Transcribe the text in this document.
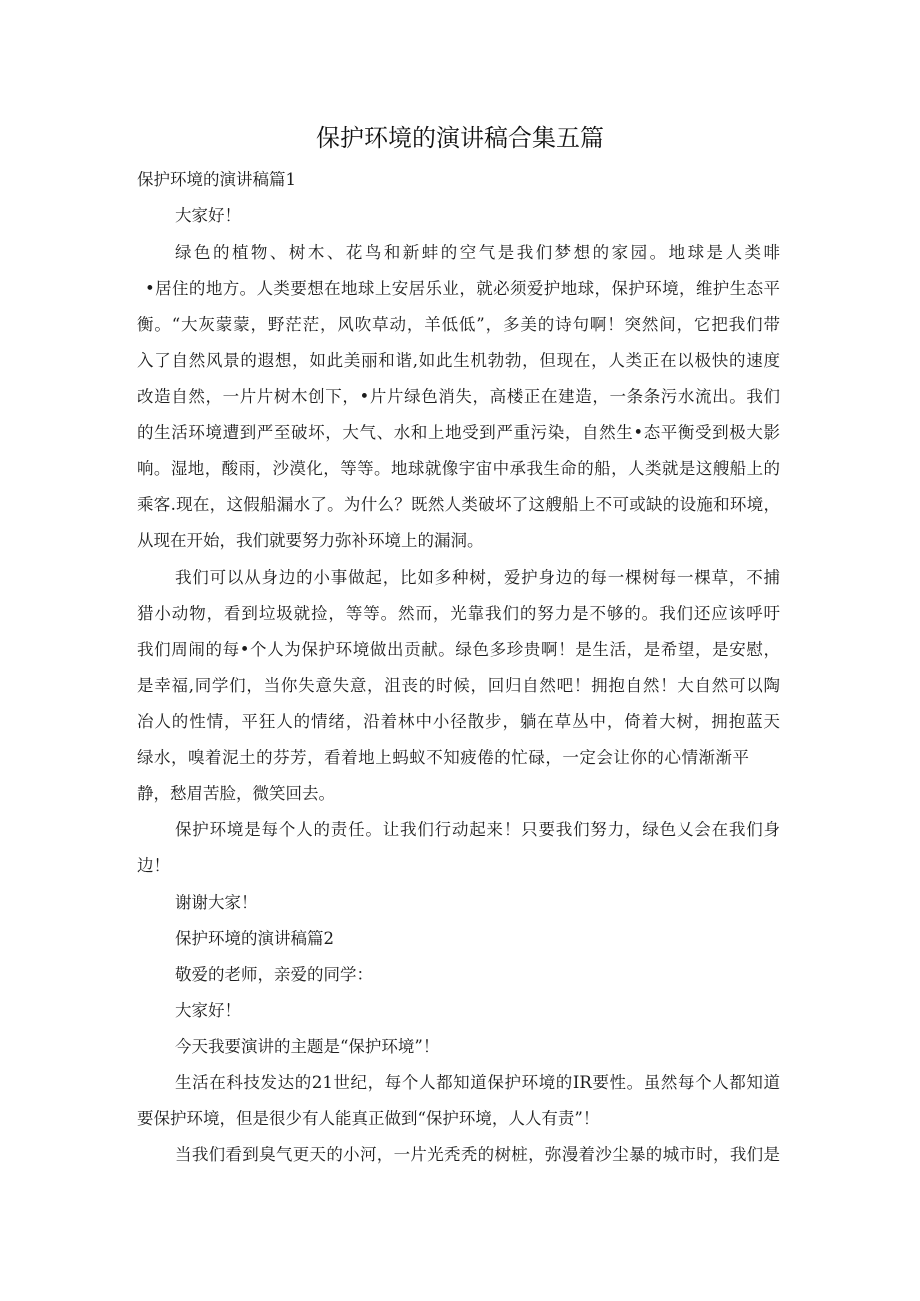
保护环境的演讲稿合集五篇
保护环境的演讲稿篇1
大家好！
绿色的植物、树木、花鸟和新蚌的空气是我们梦想的家园。地球是人类啡
•居住的地方。人类要想在地球上安居乐业，就必须爱护地球，保护环境，维护生态平
衡。“大灰蒙蒙，野茫茫，风吹草动，羊低低”，多美的诗句啊！突然间，它把我们带
入了自然风景的遐想，如此美丽和谐,如此生机勃勃，但现在，人类正在以极快的速度
改造自然，一片片树木创下，•片片绿色消失，高楼正在建造，一条条污水流出。我们
的生活环境遭到严至破坏，大气、水和上地受到严重污染，自然生•态平衡受到极大影
响。湿地，酸雨，沙漠化，等等。地球就像宇宙中承我生命的船，人类就是这艘船上的
乘客.现在，这假船漏水了。为什么？既然人类破坏了这艘船上不可或缺的设施和环境，
从现在开始，我们就要努力弥补环境上的漏洞。
我们可以从身边的小事做起，比如多种树，爱护身边的每一棵树每一棵草，不捕
猎小动物，看到垃圾就捡，等等。然而，光靠我们的努力是不够的。我们还应该呼吁
我们周闹的每•个人为保护环境做出贡献。绿色多珍贵啊！是生活，是希望，是安慰，
是幸福,同学们，当你失意失意，沮丧的时候，回归自然吧！拥抱自然！大自然可以陶
冶人的性情，平狂人的情绪，沿着林中小径散步，躺在草丛中，倚着大树，拥抱蓝天
绿水，嗅着泥土的芬芳，看着地上蚂蚁不知疲倦的忙碌，一定会让你的心情渐渐平
静，愁眉苦脸，微笑回去。
保护环境是每个人的责任。让我们行动起来！只要我们努力，绿色乂会在我们身
边！
谢谢大家！
保护环境的演讲稿篇2
敬爱的老师，亲爱的同学：
大家好！
今天我要演讲的主题是“保护环境”！
生活在科技发达的21世纪，每个人都知道保护环境的IR要性。虽然每个人都知道
要保护环境，但是很少有人能真正做到“保护环境，人人有责”！
当我们看到臭气更天的小河，一片光秃秃的树桩，弥漫着沙尘暴的城市时，我们是
